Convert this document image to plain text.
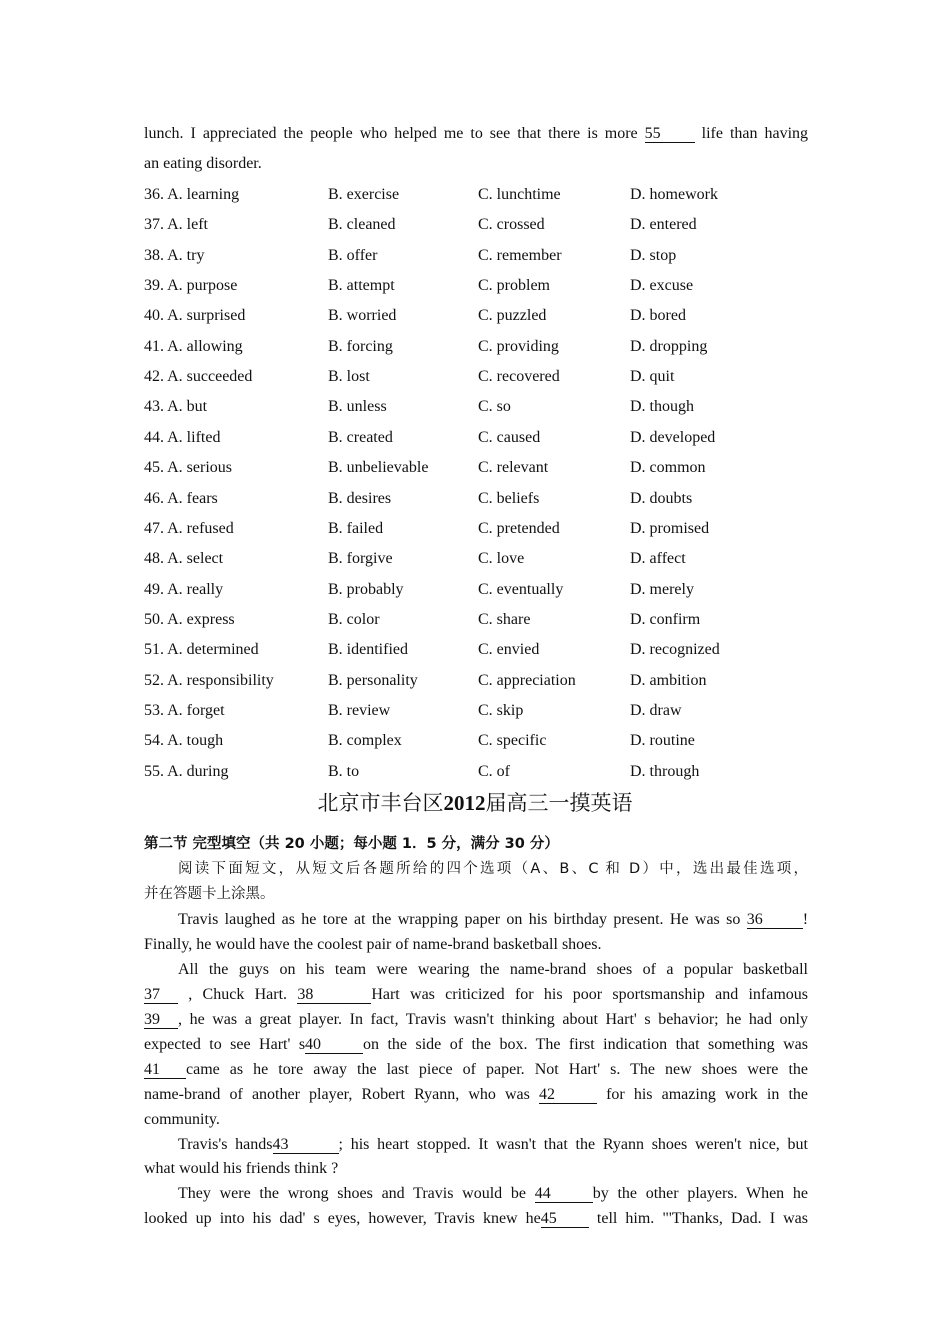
lunch. I appreciated the people who helped me to see that there is more 55	life than having
an eating disorder.
36. A. learning	B. exercise	C. lunchtime	D. homework
37. A. left	B. cleaned	C. crossed	D. entered
38. A. try	B. offer	C. remember	D. stop
39. A. purpose	B. attempt	C. problem	D. excuse
40. A. surprised	B. worried	C. puzzled	D. bored
41. A. allowing	B. forcing	C. providing	D. dropping
42. A. succeeded	B. lost	C. recovered	D. quit
43. A. but	B. unless	C. so	D. though
44. A. lifted	B. created	C. caused	D. developed
45. A. serious	B. unbelievable	C. relevant	D. common
46. A. fears	B. desires	C. beliefs	D. doubts
47. A. refused	B. failed	C. pretended	D. promised
48. A. select	B. forgive	C. love	D. affect
49. A. really	B. probably	C. eventually	D. merely
50. A. express	B. color	C. share	D. confirm
51. A. determined	B. identified	C. envied	D. recognized
52. A. responsibility	B. personality	C. appreciation	D. ambition
53. A. forget	B. review	C. skip	D. draw
54. A. tough	B. complex	C. specific	D. routine
55. A. during	B. to	C. of	D. through
北京市丰台区2012届高三一摸英语
第二节 完型填空（共 20 小题；每小题 1．5 分，满分 30 分）
阅读下面短文，从短文后各题所给的四个选项（A、B、C 和 D）中，选出最佳选项，
并在答题卡上涂黑。
Travis laughed as he tore at the wrapping paper on his birthday present. He was so 36	!
Finally, he would have the coolest pair of name-brand basketball shoes.
All the guys on his team were wearing the name-brand shoes of a popular basketball
37 , Chuck Hart. 38	Hart was criticized for his poor sportsmanship and infamous
39 , he was a great player. In fact, Travis wasn't thinking about Hart' s behavior; he had only
expected to see Hart' s40	on the side of the box. The first indication that something was
41 came as he tore away the last piece of paper. Not Hart' s. The new shoes were the
name-brand of another player, Robert Ryann, who was 42	for his amazing work in the
community.
Travis's hands43	; his heart stopped. It wasn't that the Ryann shoes weren't nice, but
what would his friends think ?
They were the wrong shoes and Travis would be 44	by the other players. When he
looked up into his dad' s eyes, however, Travis knew he45	tell him. "'Thanks, Dad. I was
